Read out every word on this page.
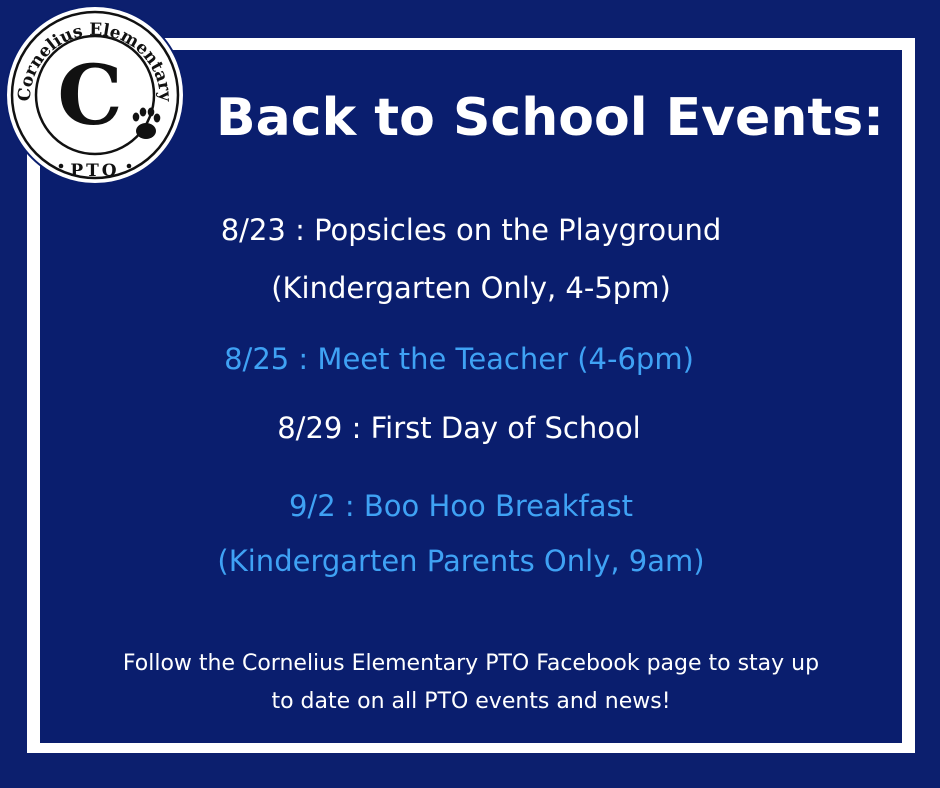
Cornelius Elementary
C
PTO
Back to School Events:
8/23 : Popsicles on the Playground
(Kindergarten Only, 4-5pm)
8/25 : Meet the Teacher (4-6pm)
8/29 : First Day of School
9/2 : Boo Hoo Breakfast
(Kindergarten Parents Only, 9am)
Follow the Cornelius Elementary PTO Facebook page to stay up
to date on all PTO events and news!
